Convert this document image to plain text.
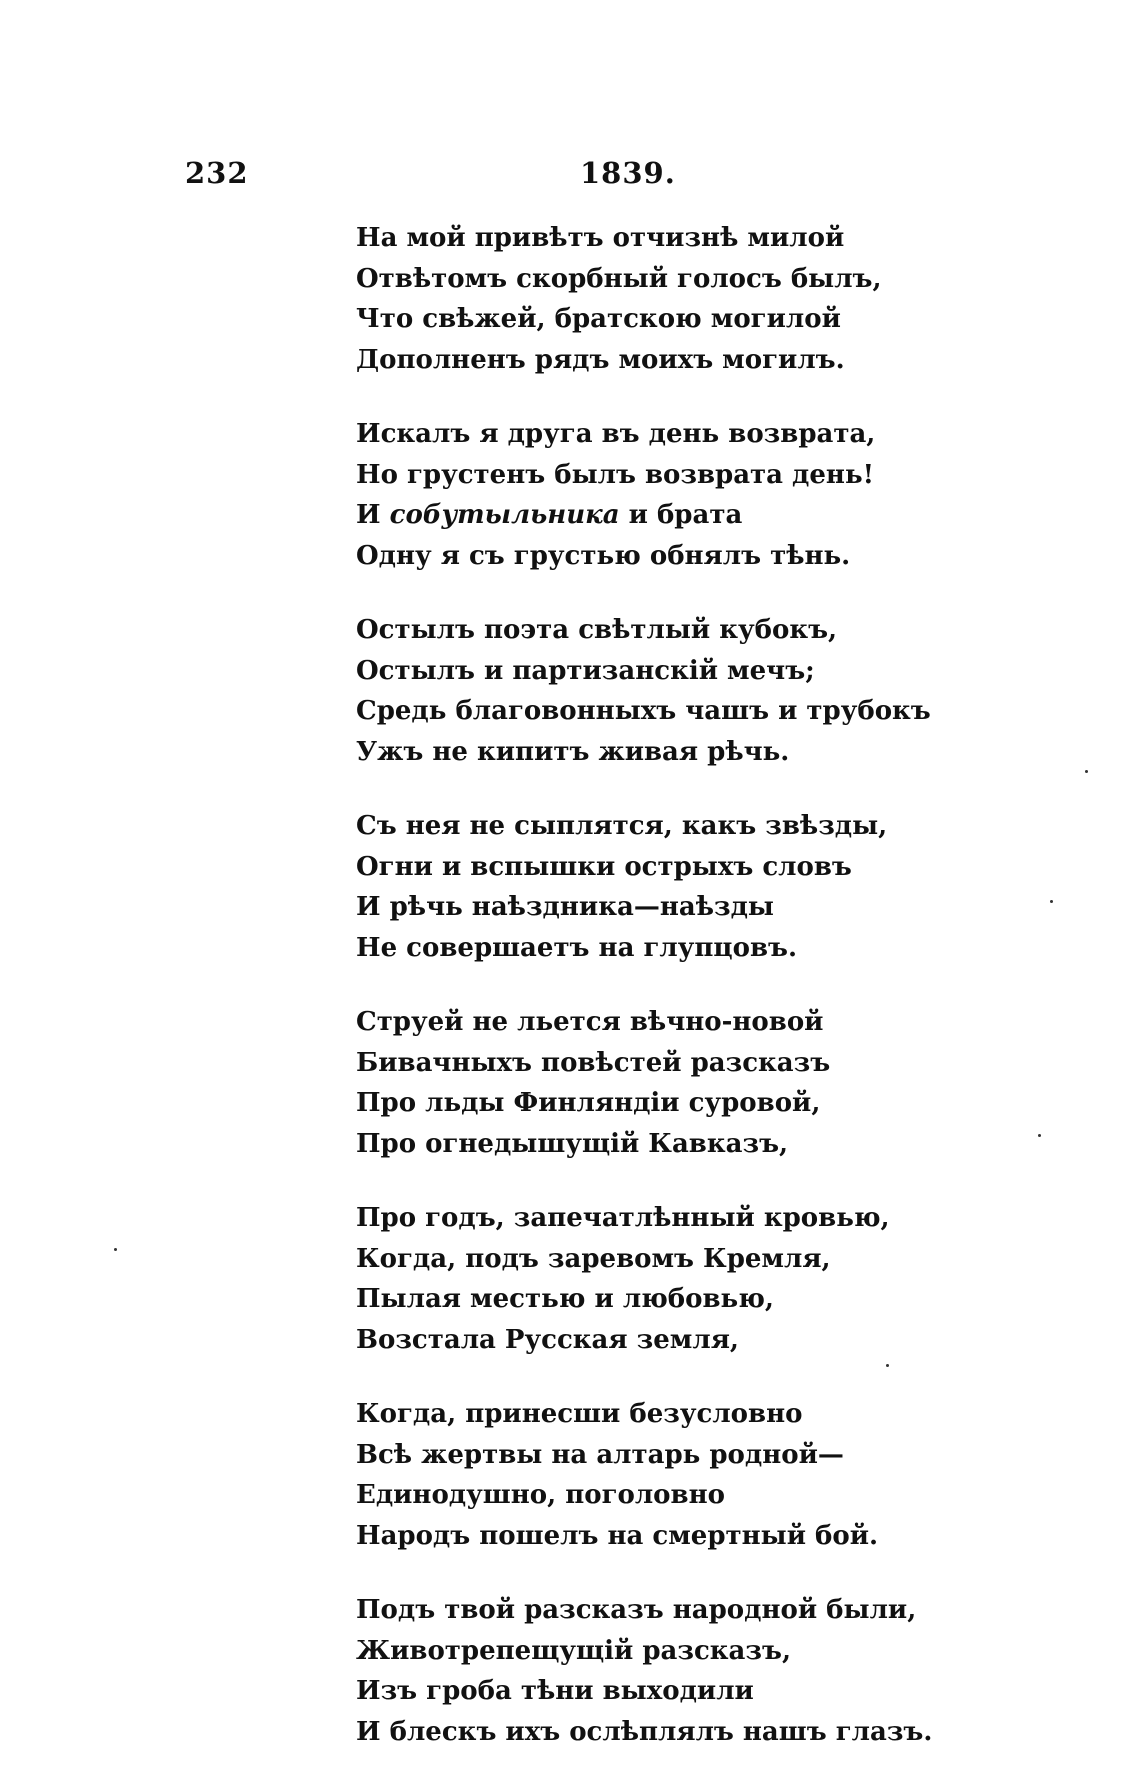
232	1839.
На мой привѣтъ отчизнѣ милой
Отвѣтомъ скорбный голосъ былъ,
Что свѣжей, братскою могилой
Дополненъ рядъ моихъ могилъ.
Искалъ я друга въ день возврата,
Но грустенъ былъ возврата день!
И собутыльника и брата
Одну я съ грустью обнялъ тѣнь.
Остылъ поэта свѣтлый кубокъ,
Остылъ и партизанскій мечъ;
Средь благовонныхъ чашъ и трубокъ
Ужъ не кипитъ живая рѣчь.
Съ нея не сыплятся, какъ звѣзды,
Огни и вспышки острыхъ словъ
И рѣчь наѣздника—наѣзды
Не совершаетъ на глупцовъ.
Струей не льется вѣчно-новой
Бивачныхъ повѣстей разсказъ
Про льды Финляндіи суровой,
Про огнедышущій Кавказъ,
Про годъ, запечатлѣнный кровью,
Когда, подъ заревомъ Кремля,
Пылая местью и любовью,
Возстала Русская земля,
Когда, принесши безусловно
Всѣ жертвы на алтарь родной—
Единодушно, поголовно
Народъ пошелъ на смертный бой.
Подъ твой разсказъ народной были,
Животрепещущій разсказъ,
Изъ гроба тѣни выходили
И блескъ ихъ ослѣплялъ нашъ глазъ.
